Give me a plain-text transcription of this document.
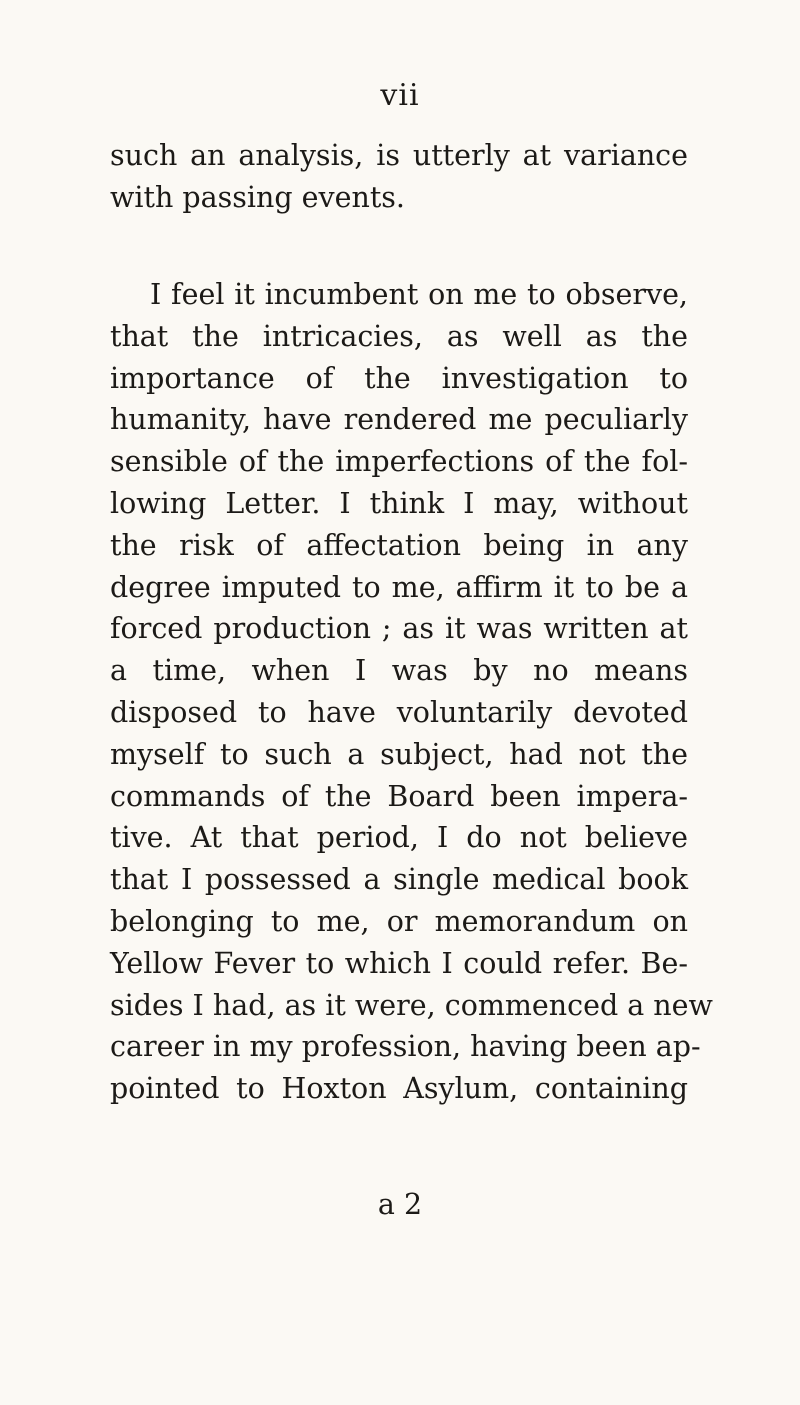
vii
such an analysis, is utterly at variance
with passing events.
I feel it incumbent on me to observe,
that the intricacies, as well as the
importance of the investigation to
humanity, have rendered me peculiarly
sensible of the imperfections of the fol-
lowing Letter. I think I may, without
the risk of affectation being in any
degree imputed to me, affirm it to be a
forced production ; as it was written at
a time, when I was by no means
disposed to have voluntarily devoted
myself to such a subject, had not the
commands of the Board been impera-
tive. At that period, I do not believe
that I possessed a single medical book
belonging to me, or memorandum on
Yellow Fever to which I could refer. Be-
sides I had, as it were, commenced a new
career in my profession, having been ap-
pointed to Hoxton Asylum, containing
a 2
